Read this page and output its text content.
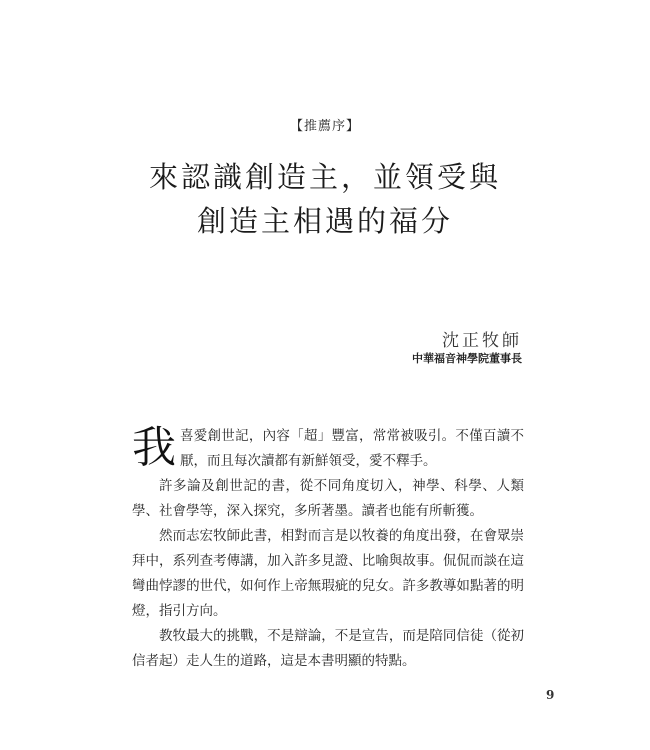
【推薦序】
來認識創造主，並領受與
創造主相遇的福分
沈正牧師
中華福音神學院董事長

我喜愛創世記，內容「超」豐富，常常被吸引。不僅百讀不厭，而且每次讀都有新鮮領受，愛不釋手。

許多論及創世記的書，從不同角度切入，神學、科學、人類學、社會學等，深入探究，多所著墨。讀者也能有所斬獲。

然而志宏牧師此書，相對而言是以牧養的角度出發，在會眾崇拜中，系列查考傳講，加入許多見證、比喻與故事。侃侃而談在這彎曲悖謬的世代，如何作上帝無瑕疵的兒女。許多教導如點著的明燈，指引方向。

教牧最大的挑戰，不是辯論，不是宣告，而是陪同信徒（從初信者起）走人生的道路，這是本書明顯的特點。

9
